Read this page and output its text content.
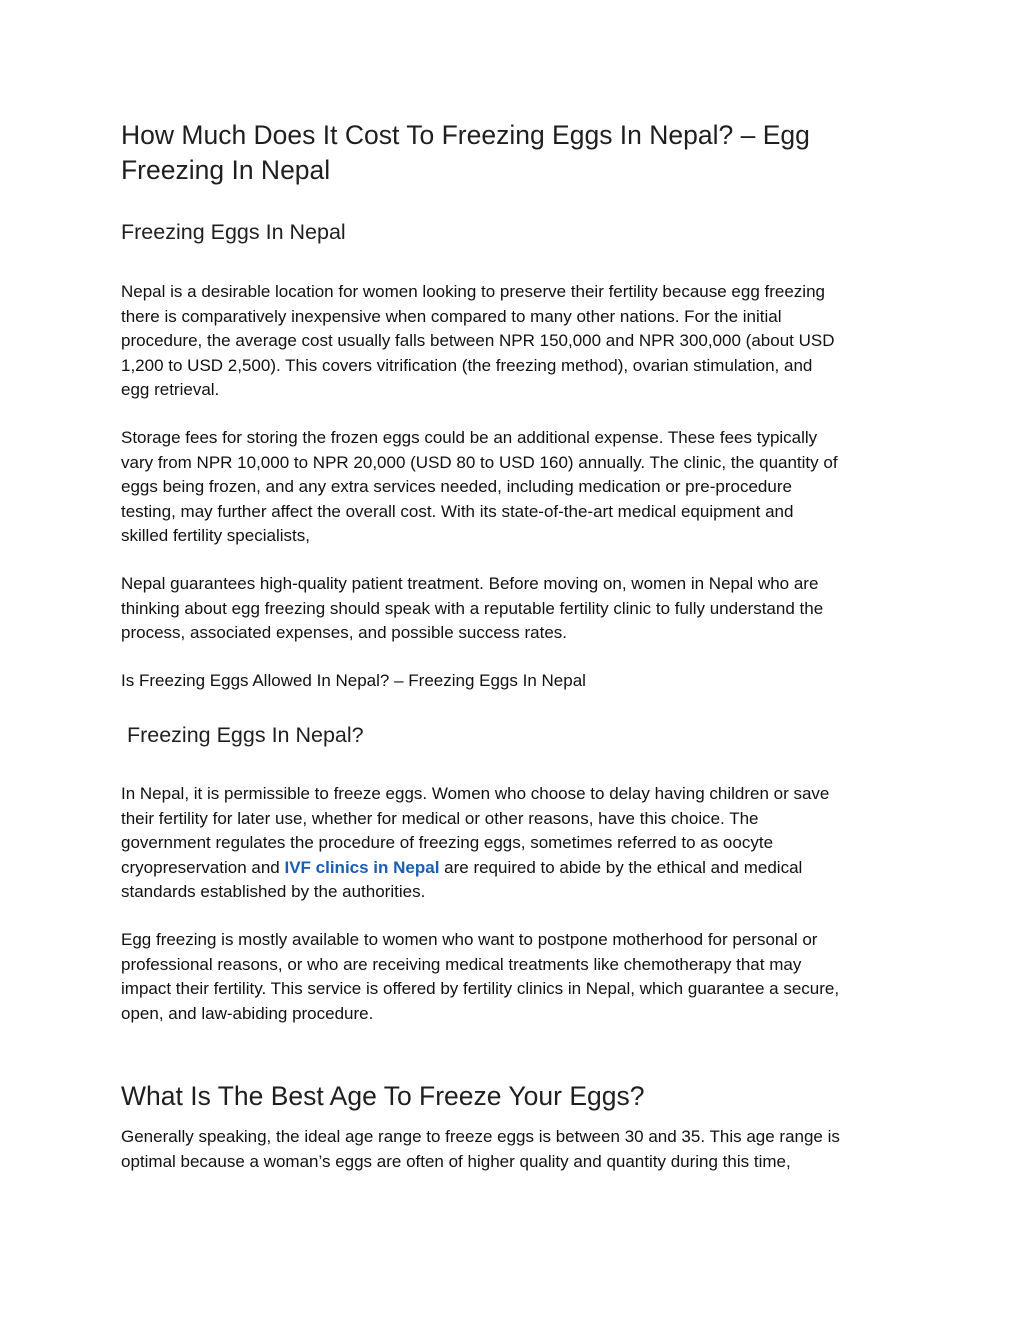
How Much Does It Cost To Freezing Eggs In Nepal? – Egg
Freezing In Nepal
Freezing Eggs In Nepal

Nepal is a desirable location for women looking to preserve their fertility because egg freezing
there is comparatively inexpensive when compared to many other nations. For the initial
procedure, the average cost usually falls between NPR 150,000 and NPR 300,000 (about USD
1,200 to USD 2,500). This covers vitrification (the freezing method), ovarian stimulation, and
egg retrieval.

Storage fees for storing the frozen eggs could be an additional expense. These fees typically
vary from NPR 10,000 to NPR 20,000 (USD 80 to USD 160) annually. The clinic, the quantity of
eggs being frozen, and any extra services needed, including medication or pre-procedure
testing, may further affect the overall cost. With its state-of-the-art medical equipment and
skilled fertility specialists,

Nepal guarantees high-quality patient treatment. Before moving on, women in Nepal who are
thinking about egg freezing should speak with a reputable fertility clinic to fully understand the
process, associated expenses, and possible success rates.

Is Freezing Eggs Allowed In Nepal? – Freezing Eggs In Nepal

Freezing Eggs In Nepal?

In Nepal, it is permissible to freeze eggs. Women who choose to delay having children or save
their fertility for later use, whether for medical or other reasons, have this choice. The
government regulates the procedure of freezing eggs, sometimes referred to as oocyte
cryopreservation and IVF clinics in Nepal are required to abide by the ethical and medical
standards established by the authorities.

Egg freezing is mostly available to women who want to postpone motherhood for personal or
professional reasons, or who are receiving medical treatments like chemotherapy that may
impact their fertility. This service is offered by fertility clinics in Nepal, which guarantee a secure,
open, and law-abiding procedure.

What Is The Best Age To Freeze Your Eggs?

Generally speaking, the ideal age range to freeze eggs is between 30 and 35. This age range is
optimal because a woman’s eggs are often of higher quality and quantity during this time,
